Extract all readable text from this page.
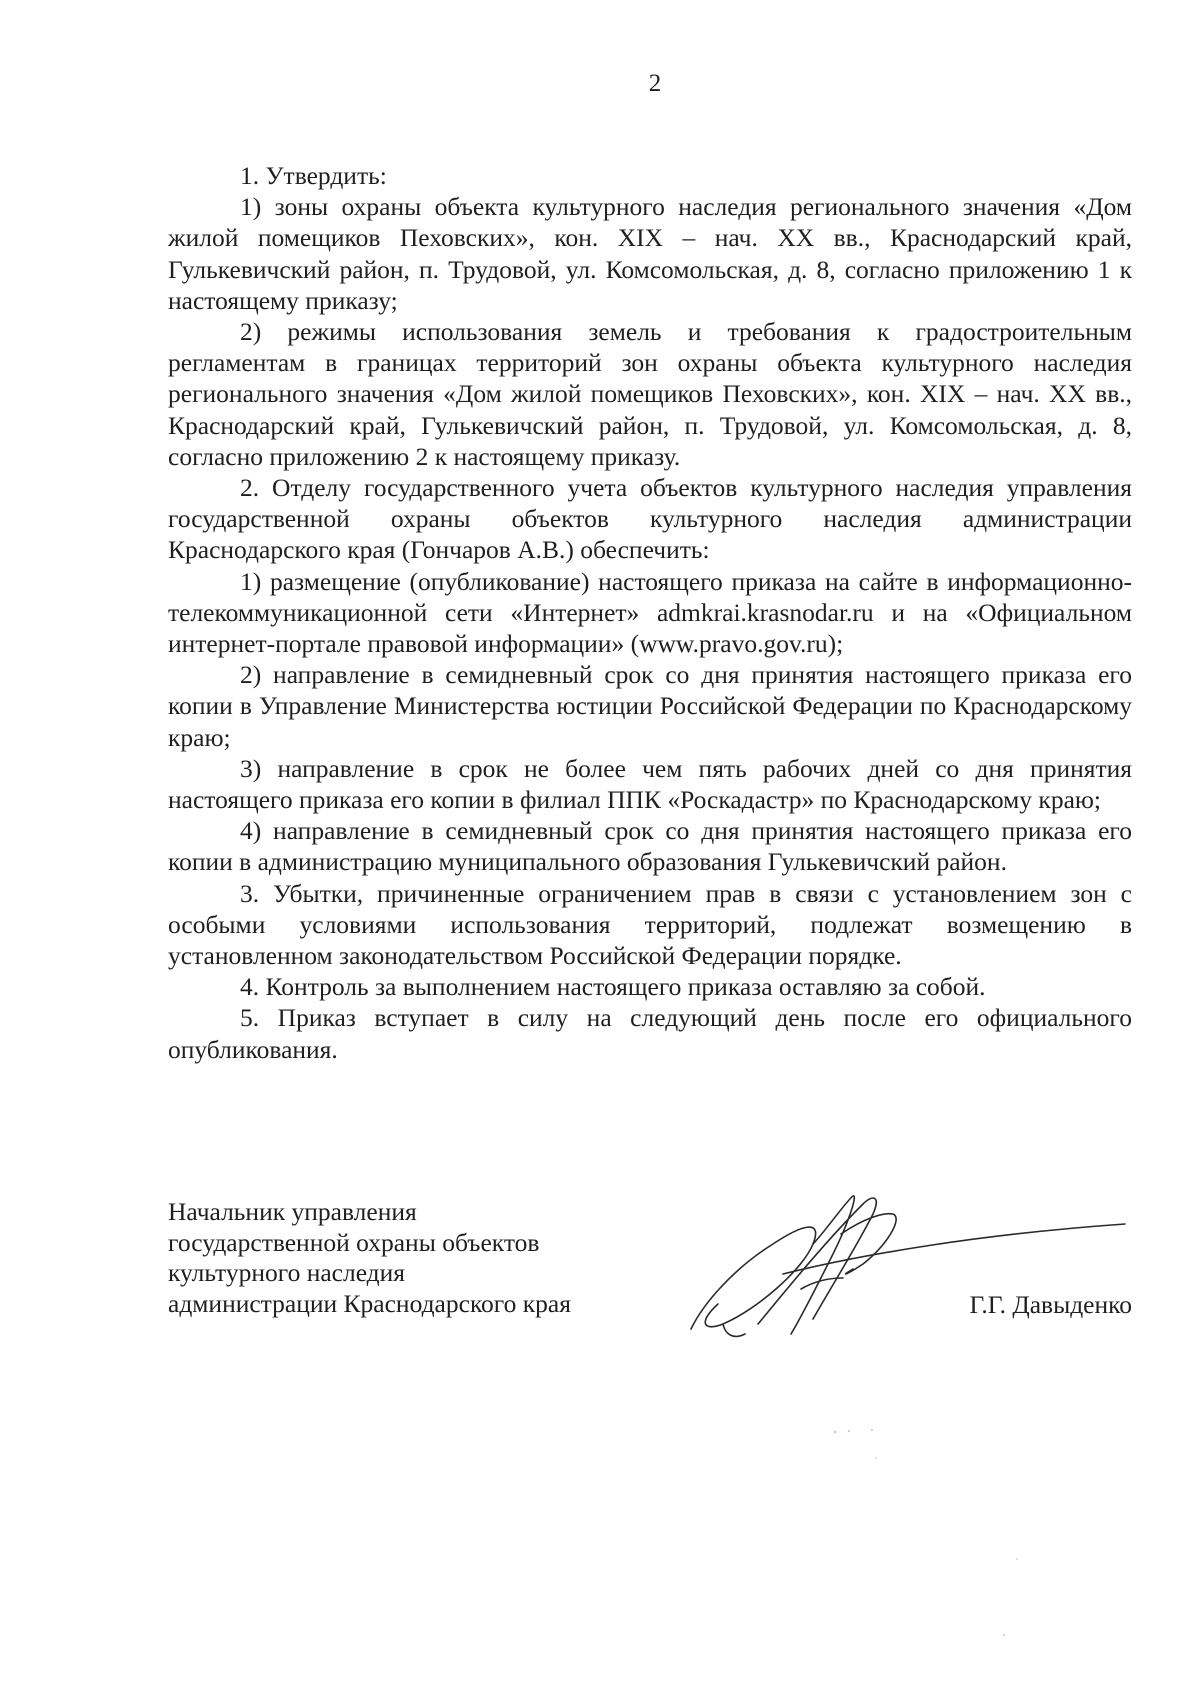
2

1. Утвердить:

1) зоны охраны объекта культурного наследия регионального значения «Дом жилой помещиков Пеховских», кон. XIX – нач. XX вв., Краснодарский край, Гулькевичский район, п. Трудовой, ул. Комсомольская, д. 8, согласно приложению 1 к настоящему приказу;

2) режимы использования земель и требования к градостроительным регламентам в границах территорий зон охраны объекта культурного наследия регионального значения «Дом жилой помещиков Пеховских», кон. XIX – нач. XX вв., Краснодарский край, Гулькевичский район, п. Трудовой, ул. Комсомольская, д. 8, согласно приложению 2 к настоящему приказу.

2. Отделу государственного учета объектов культурного наследия управления государственной охраны объектов культурного наследия администрации Краснодарского края (Гончаров А.В.) обеспечить:

1) размещение (опубликование) настоящего приказа на сайте в информационно-телекоммуникационной сети «Интернет» admkrai.krasnodar.ru и на «Официальном интернет-портале правовой информации» (www.pravo.gov.ru);

2) направление в семидневный срок со дня принятия настоящего приказа его копии в Управление Министерства юстиции Российской Федерации по Краснодарскому краю;

3) направление в срок не более чем пять рабочих дней со дня принятия настоящего приказа его копии в филиал ППК «Роскадастр» по Краснодарскому краю;

4) направление в семидневный срок со дня принятия настоящего приказа его копии в администрацию муниципального образования Гулькевичский район.

3. Убытки, причиненные ограничением прав в связи с установлением зон с особыми условиями использования территорий, подлежат возмещению в установленном законодательством Российской Федерации порядке.

4. Контроль за выполнением настоящего приказа оставляю за собой.

5. Приказ вступает в силу на следующий день после его официального опубликования.

Начальник управления
государственной охраны объектов
культурного наследия
администрации Краснодарского края	Г.Г. Давыденко
